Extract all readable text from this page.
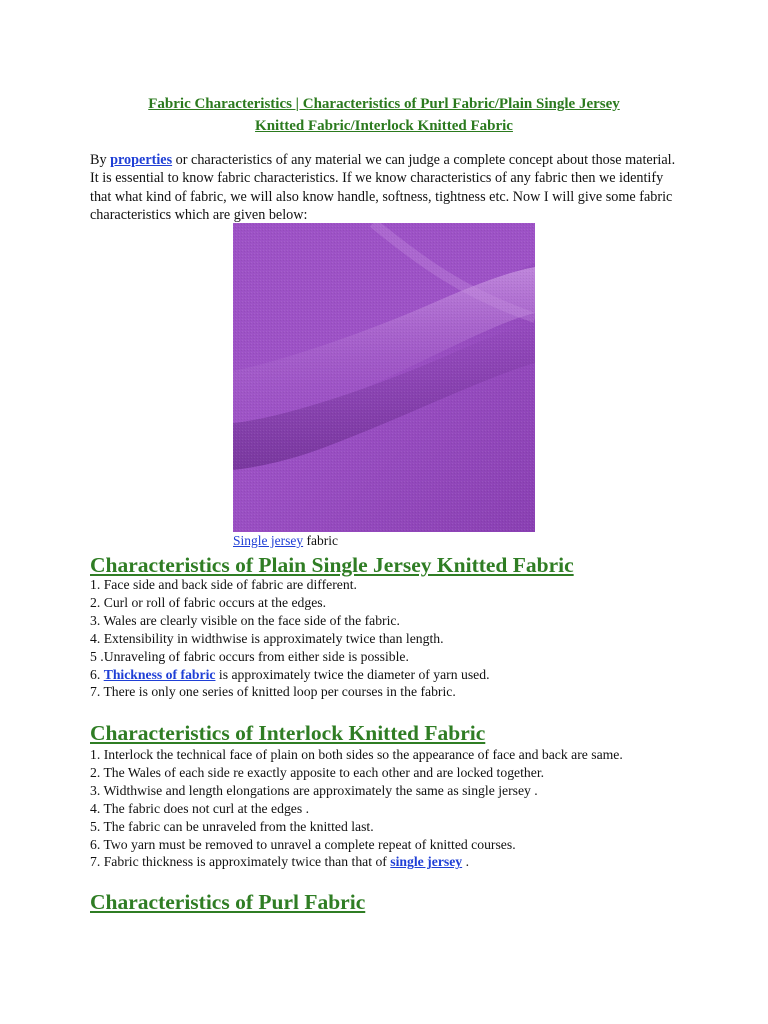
Fabric Characteristics | Characteristics of Purl Fabric/Plain Single Jersey
Knitted Fabric/Interlock Knitted Fabric

By properties or characteristics of any material we can judge a complete concept about those material. It is essential to know fabric characteristics. If we know characteristics of any fabric then we identify that what kind of fabric, we will also know handle, softness, tightness etc. Now I will give some fabric characteristics which are given below:

Single jersey fabric
Characteristics of Plain Single Jersey Knitted Fabric
1. Face side and back side of fabric are different.
2. Curl or roll of fabric occurs at the edges.
3. Wales are clearly visible on the face side of the fabric.
4. Extensibility in widthwise is approximately twice than length.
5 .Unraveling of fabric occurs from either side is possible.
6. Thickness of fabric is approximately twice the diameter of yarn used.
7. There is only one series of knitted loop per courses in the fabric.
Characteristics of Interlock Knitted Fabric
1. Interlock the technical face of plain on both sides so the appearance of face and back are same.
2. The Wales of each side re exactly apposite to each other and are locked together.
3. Widthwise and length elongations are approximately the same as single jersey .
4. The fabric does not curl at the edges .
5. The fabric can be unraveled from the knitted last.
6. Two yarn must be removed to unravel a complete repeat of knitted courses.
7. Fabric thickness is approximately twice than that of single jersey .
Characteristics of Purl Fabric
